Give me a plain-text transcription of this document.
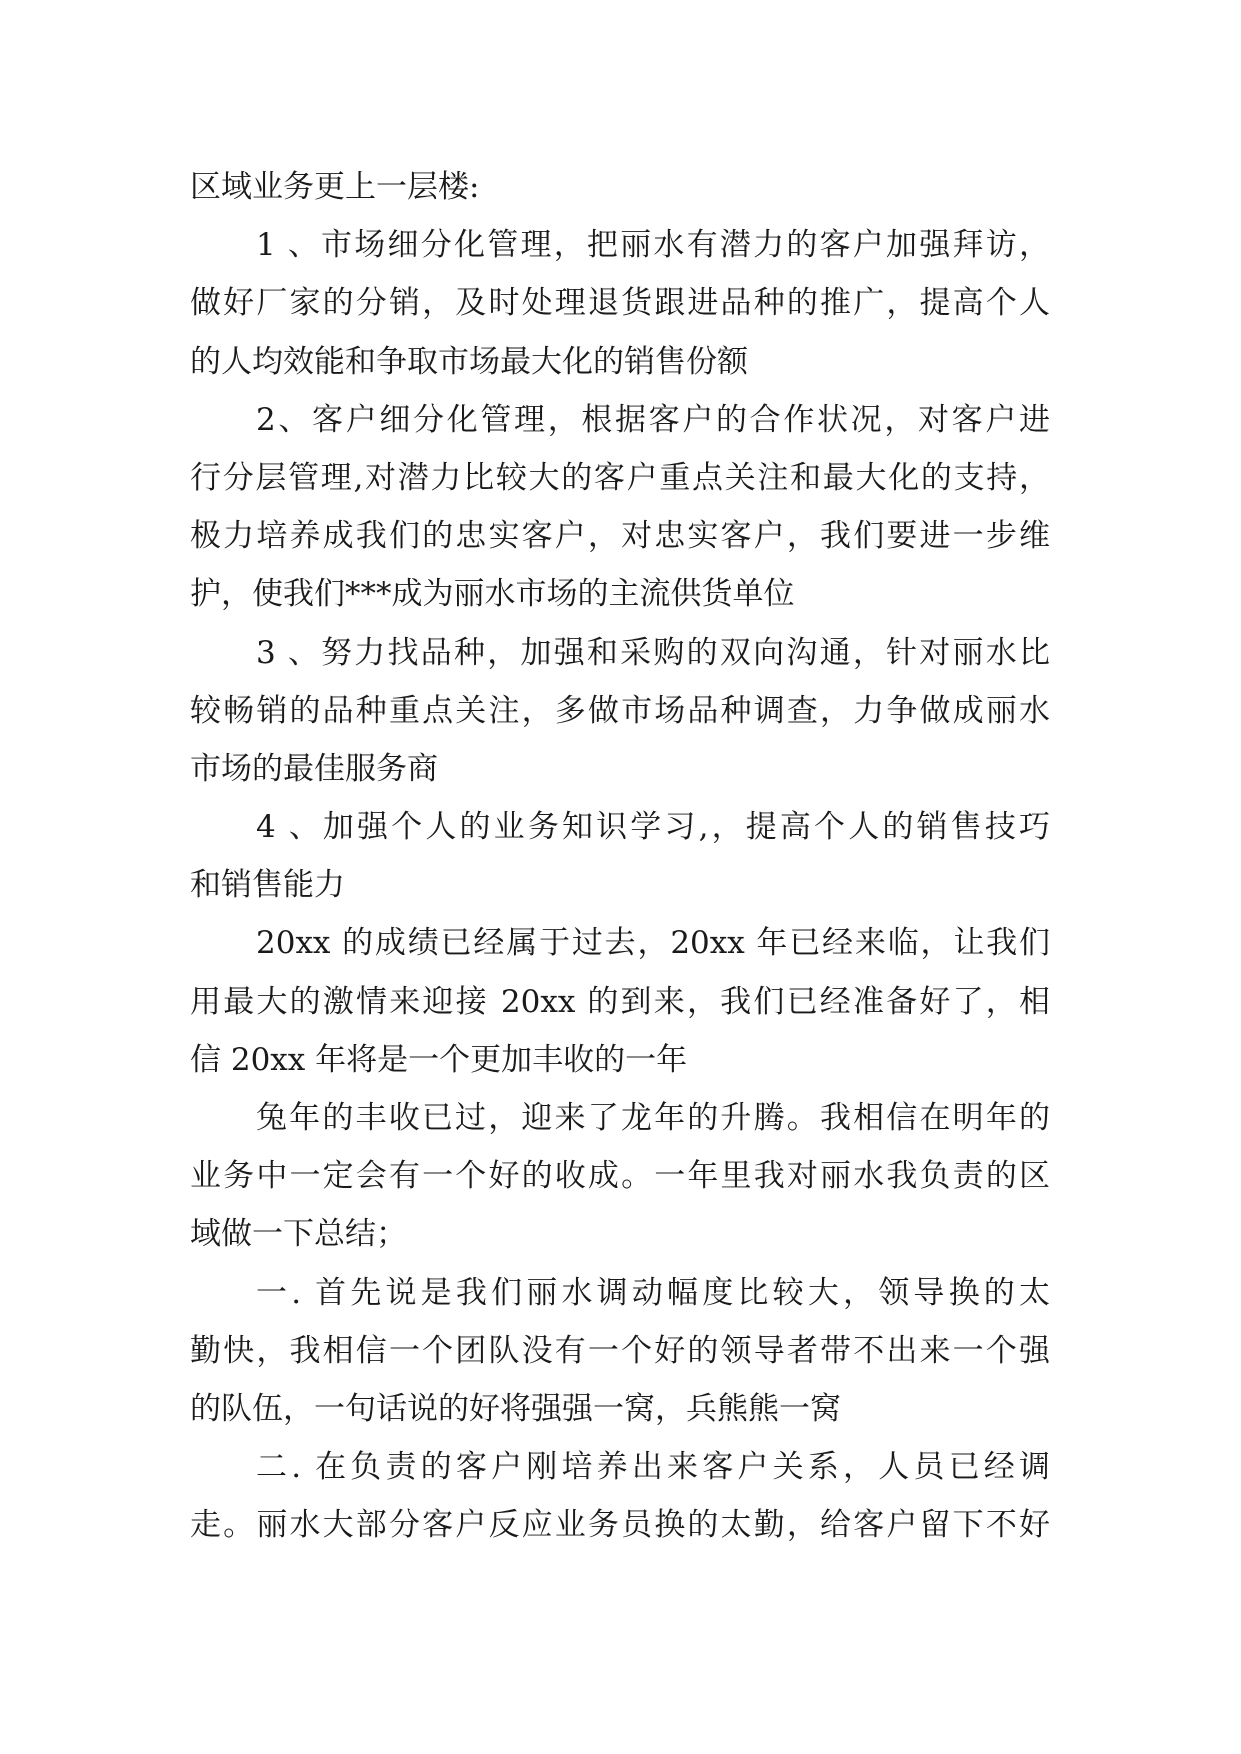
区域业务更上一层楼:
1 、市场细分化管理，把丽水有潜力的客户加强拜访，
做好厂家的分销，及时处理退货跟进品种的推广，提高个人
的人均效能和争取市场最大化的销售份额
2、客户细分化管理，根据客户的合作状况，对客户进
行分层管理,对潜力比较大的客户重点关注和最大化的支持，
极力培养成我们的忠实客户，对忠实客户，我们要进一步维
护，使我们***成为丽水市场的主流供货单位
3 、努力找品种，加强和采购的双向沟通，针对丽水比
较畅销的品种重点关注，多做市场品种调查，力争做成丽水
市场的最佳服务商
4 、加强个人的业务知识学习,，提高个人的销售技巧
和销售能力
20xx 的成绩已经属于过去，20xx 年已经来临，让我们
用最大的激情来迎接 20xx 的到来，我们已经准备好了，相
信 20xx 年将是一个更加丰收的一年
兔年的丰收已过，迎来了龙年的升腾。我相信在明年的
业务中一定会有一个好的收成。一年里我对丽水我负责的区
域做一下总结；
一. 首先说是我们丽水调动幅度比较大，领导换的太
勤快，我相信一个团队没有一个好的领导者带不出来一个强
的队伍，一句话说的好将强强一窝，兵熊熊一窝
二. 在负责的客户刚培养出来客户关系，人员已经调
走。丽水大部分客户反应业务员换的太勤，给客户留下不好
